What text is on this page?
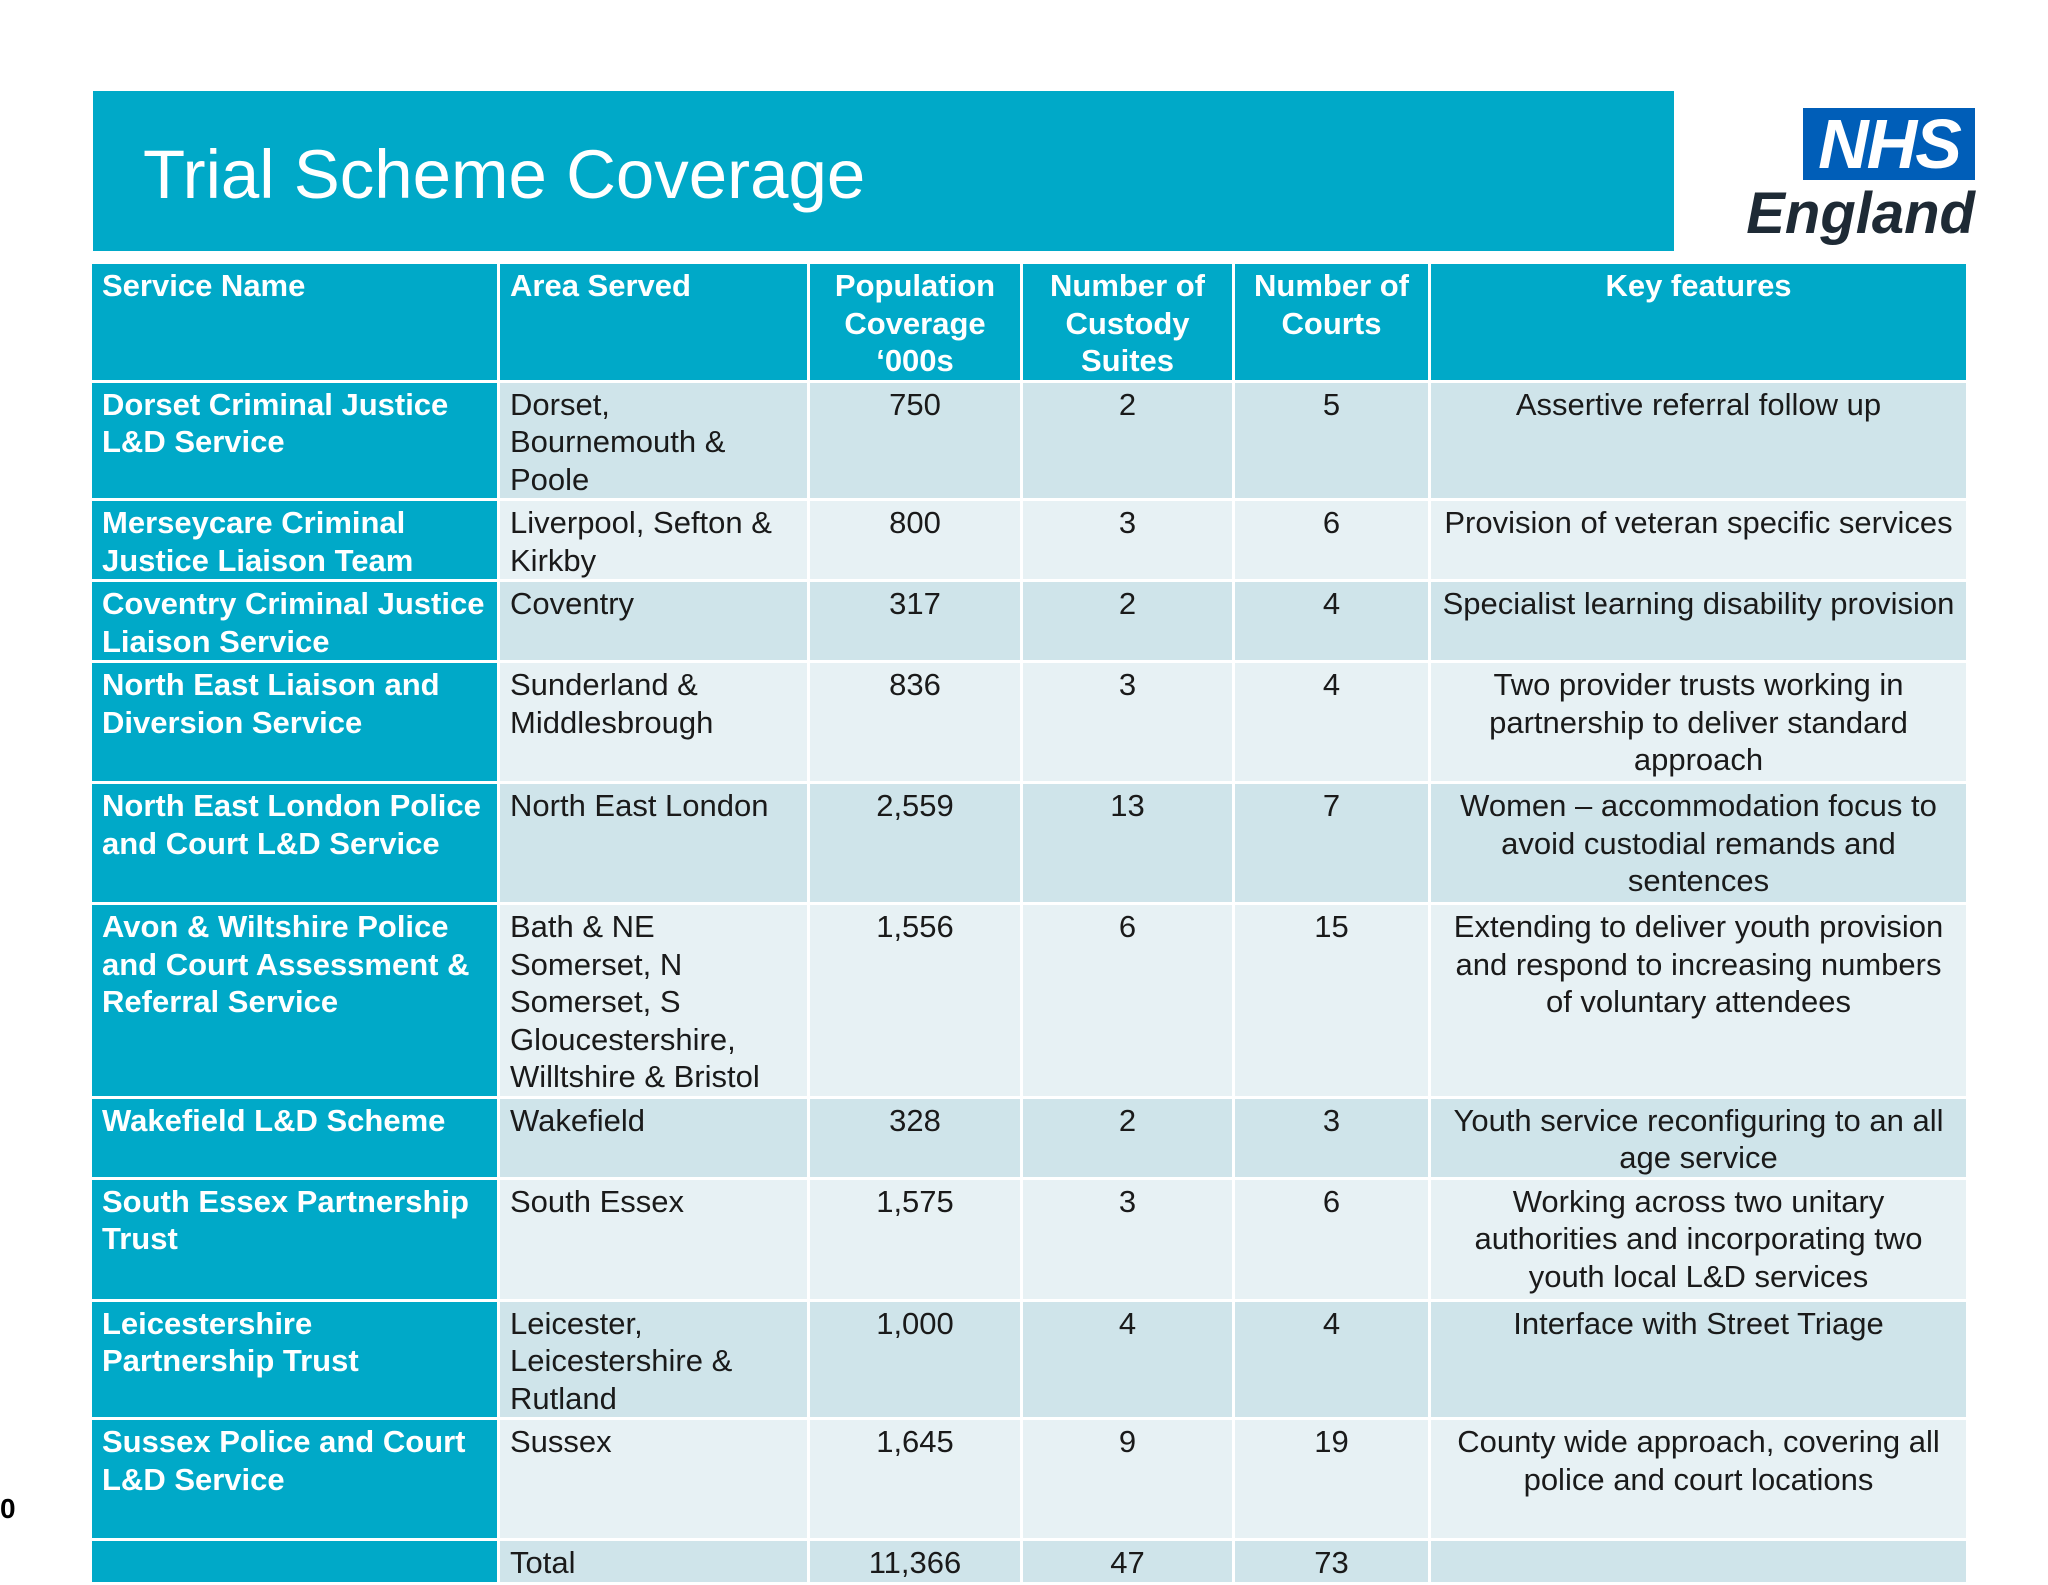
Trial Scheme Coverage	NHS
England
Service Name	Area Served	Population Coverage ‘000s	Number of Custody Suites	Number of Courts	Key features
Dorset Criminal Justice L&D Service	Dorset, Bournemouth & Poole	750	2	5	Assertive referral follow up
Merseycare Criminal Justice Liaison Team	Liverpool, Sefton & Kirkby	800	3	6	Provision of veteran specific services
Coventry Criminal Justice Liaison Service	Coventry	317	2	4	Specialist learning disability provision
North East Liaison and Diversion Service	Sunderland & Middlesbrough	836	3	4	Two provider trusts working in partnership to deliver standard approach
North East London Police and Court L&D Service	North East London	2,559	13	7	Women – accommodation focus to avoid custodial remands and sentences
Avon & Wiltshire Police and Court Assessment & Referral Service	Bath & NE Somerset, N Somerset, S Gloucestershire, Willtshire & Bristol	1,556	6	15	Extending to deliver youth provision and respond to increasing numbers of voluntary attendees
Wakefield L&D Scheme	Wakefield	328	2	3	Youth service reconfiguring to an all age service
South Essex Partnership Trust	South Essex	1,575	3	6	Working across two unitary authorities and incorporating two youth local L&D services
Leicestershire Partnership Trust	Leicester, Leicestershire & Rutland	1,000	4	4	Interface with Street Triage
Sussex Police and Court L&D Service	Sussex	1,645	9	19	County wide approach, covering all police and court locations
	Total	11,366	47	73	
0
